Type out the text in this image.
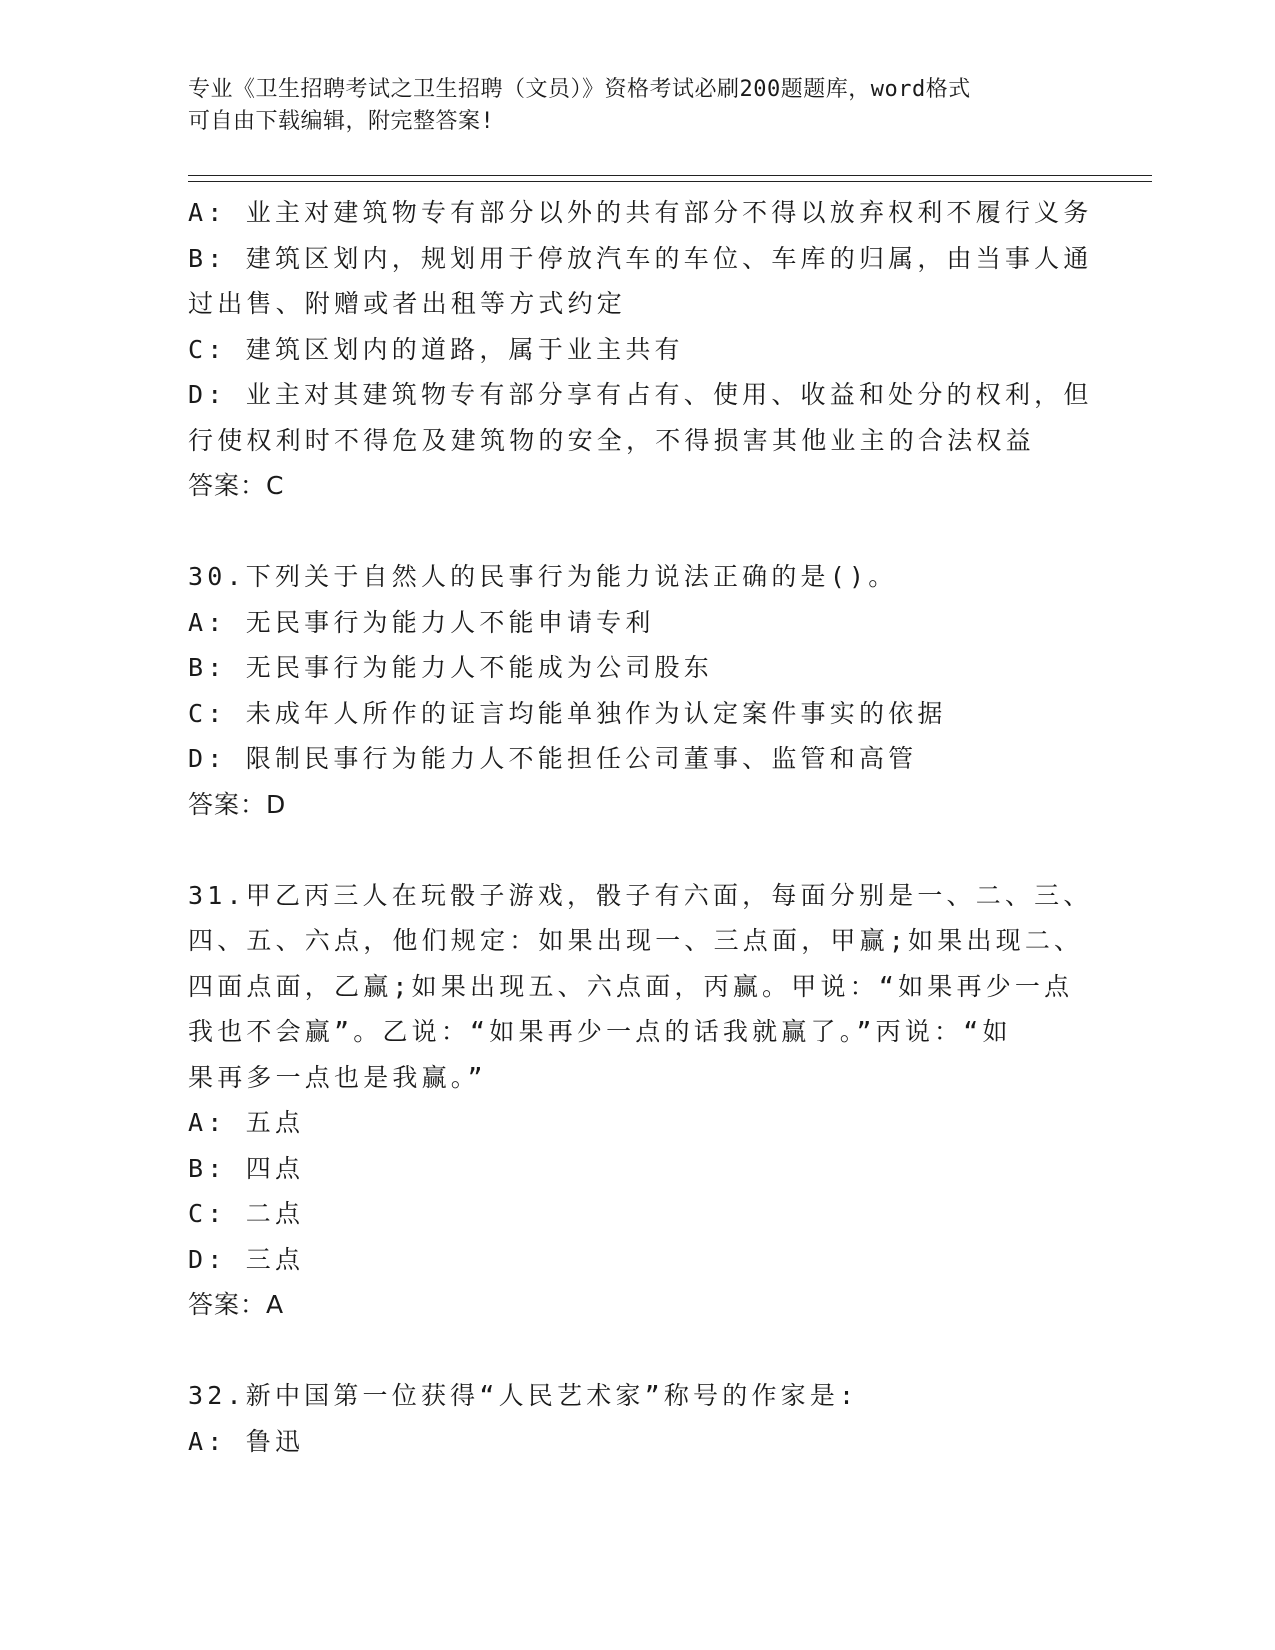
专业《卫生招聘考试之卫生招聘（文员）》资格考试必刷200题题库，word格式
可自由下载编辑，附完整答案!
A: 业主对建筑物专有部分以外的共有部分不得以放弃权利不履行义务
B: 建筑区划内，规划用于停放汽车的车位、车库的归属，由当事人通
过出售、附赠或者出租等方式约定
C: 建筑区划内的道路，属于业主共有
D: 业主对其建筑物专有部分享有占有、使用、收益和处分的权利，但
行使权利时不得危及建筑物的安全，不得损害其他业主的合法权益
答案：C
30.下列关于自然人的民事行为能力说法正确的是()。
A: 无民事行为能力人不能申请专利
B: 无民事行为能力人不能成为公司股东
C: 未成年人所作的证言均能单独作为认定案件事实的依据
D: 限制民事行为能力人不能担任公司董事、监管和高管
答案：D
31.甲乙丙三人在玩骰子游戏，骰子有六面，每面分别是一、二、三、
四、五、六点，他们规定：如果出现一、三点面，甲赢;如果出现二、
四面点面，乙赢;如果出现五、六点面，丙赢。甲说：“如果再少一点
我也不会赢”。乙说：“如果再少一点的话我就赢了。”丙说：“如
果再多一点也是我赢。”
A: 五点
B: 四点
C: 二点
D: 三点
答案：A
32.新中国第一位获得“人民艺术家”称号的作家是:
A: 鲁迅
